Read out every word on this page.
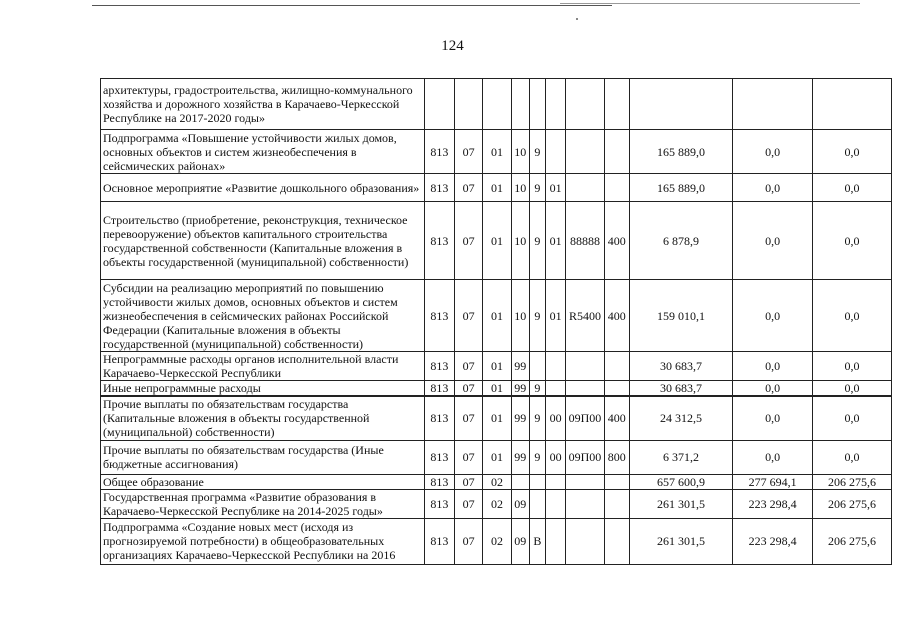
124
архитектуры, градостроительства, жилищно-коммунального хозяйства и дорожного хозяйства в Карачаево-Черкесской Республике на 2017-2020 годы»											
Подпрограмма «Повышение устойчивости жилых домов, основных объектов и систем жизнеобеспечения в сейсмических районах»	813	07	01	10	9				165 889,0	0,0	0,0
Основное мероприятие «Развитие дошкольного образования»	813	07	01	10	9	01			165 889,0	0,0	0,0
Строительство (приобретение, реконструкция, техническое перевооружение) объектов капитального строительства государственной собственности (Капитальные вложения в объекты государственной (муниципальной) собственности)	813	07	01	10	9	01	88888	400	6 878,9	0,0	0,0
Субсидии на реализацию мероприятий по повышению устойчивости жилых домов, основных объектов и систем жизнеобеспечения в сейсмических районах Российской Федерации (Капитальные вложения в объекты государственной (муниципальной) собственности)	813	07	01	10	9	01	R5400	400	159 010,1	0,0	0,0
Непрограммные расходы органов исполнительной власти Карачаево-Черкесской Республики	813	07	01	99					30 683,7	0,0	0,0
Иные непрограммные расходы	813	07	01	99	9				30 683,7	0,0	0,0
Прочие выплаты по обязательствам государства (Капитальные вложения в объекты государственной (муниципальной) собственности)	813	07	01	99	9	00	09П00	400	24 312,5	0,0	0,0
Прочие выплаты по обязательствам государства (Иные бюджетные ассигнования)	813	07	01	99	9	00	09П00	800	6 371,2	0,0	0,0
Общее образование	813	07	02						657 600,9	277 694,1	206 275,6
Государственная программа «Развитие образования в Карачаево-Черкесской Республике на 2014-2025 годы»	813	07	02	09					261 301,5	223 298,4	206 275,6
Подпрограмма «Создание новых мест (исходя из прогнозируемой потребности) в общеобразовательных организациях Карачаево-Черкесской Республики на 2016	813	07	02	09	В				261 301,5	223 298,4	206 275,6
